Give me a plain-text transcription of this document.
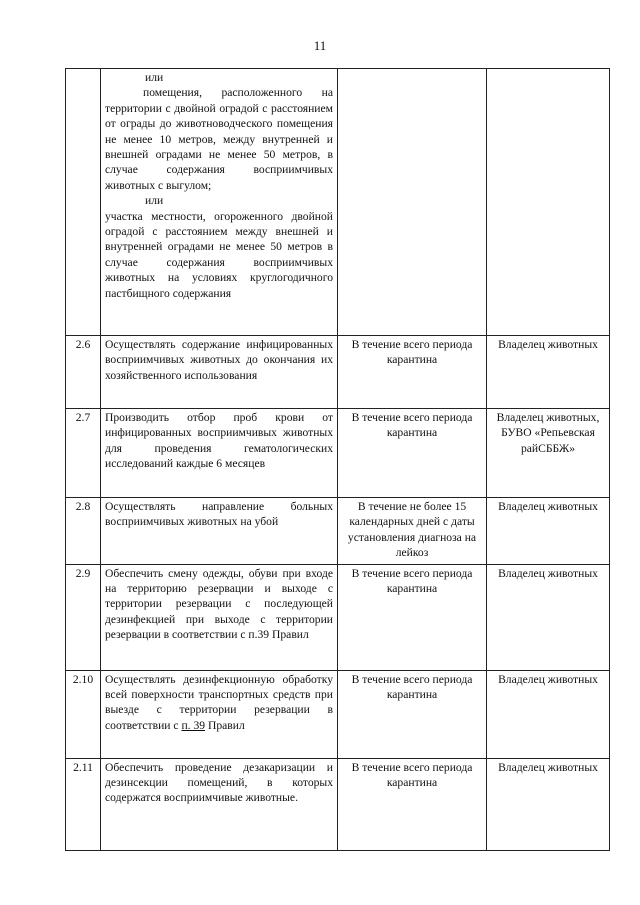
11

	или

помещения, расположенного на территории с двойной оградой с расстоянием от ограды до животноводческого помещения не менее 10 метров, между внутренней и внешней оградами не менее 50 метров, в случае содержания восприимчивых животных с выгулом;

или

участка местности, огороженного двойной оградой с расстоянием между внешней и внутренней оградами не менее 50 метров в случае содержания восприимчивых животных на условиях круглогодичного пастбищного содержания		

2.6	Осуществлять содержание инфицированных восприимчивых животных до окончания их хозяйственного использования	В течение всего периода карантина	Владелец животных
2.7	Производить отбор проб крови от инфицированных восприимчивых животных для проведения гематологических исследований каждые 6 месяцев	В течение всего периода карантина	Владелец животных, БУВО «Репьевская райСББЖ»
2.8	Осуществлять направление больных восприимчивых животных на убой	В течение не более 15 календарных дней с даты установления диагноза на лейкоз	Владелец животных
2.9	Обеспечить смену одежды, обуви при входе на территорию резервации и выходе с территории резервации с последующей дезинфекцией при выходе с территории резервации в соответствии с п.39 Правил	В течение всего периода карантина	Владелец животных
2.10	Осуществлять дезинфекционную обработку всей поверхности транспортных средств при выезде с территории резервации в соответствии с п. 39 Правил	В течение всего периода карантина	Владелец животных
2.11	Обеспечить проведение дезакаризации и дезинсекции помещений, в которых содержатся восприимчивые животные.	В течение всего периода карантина	Владелец животных
